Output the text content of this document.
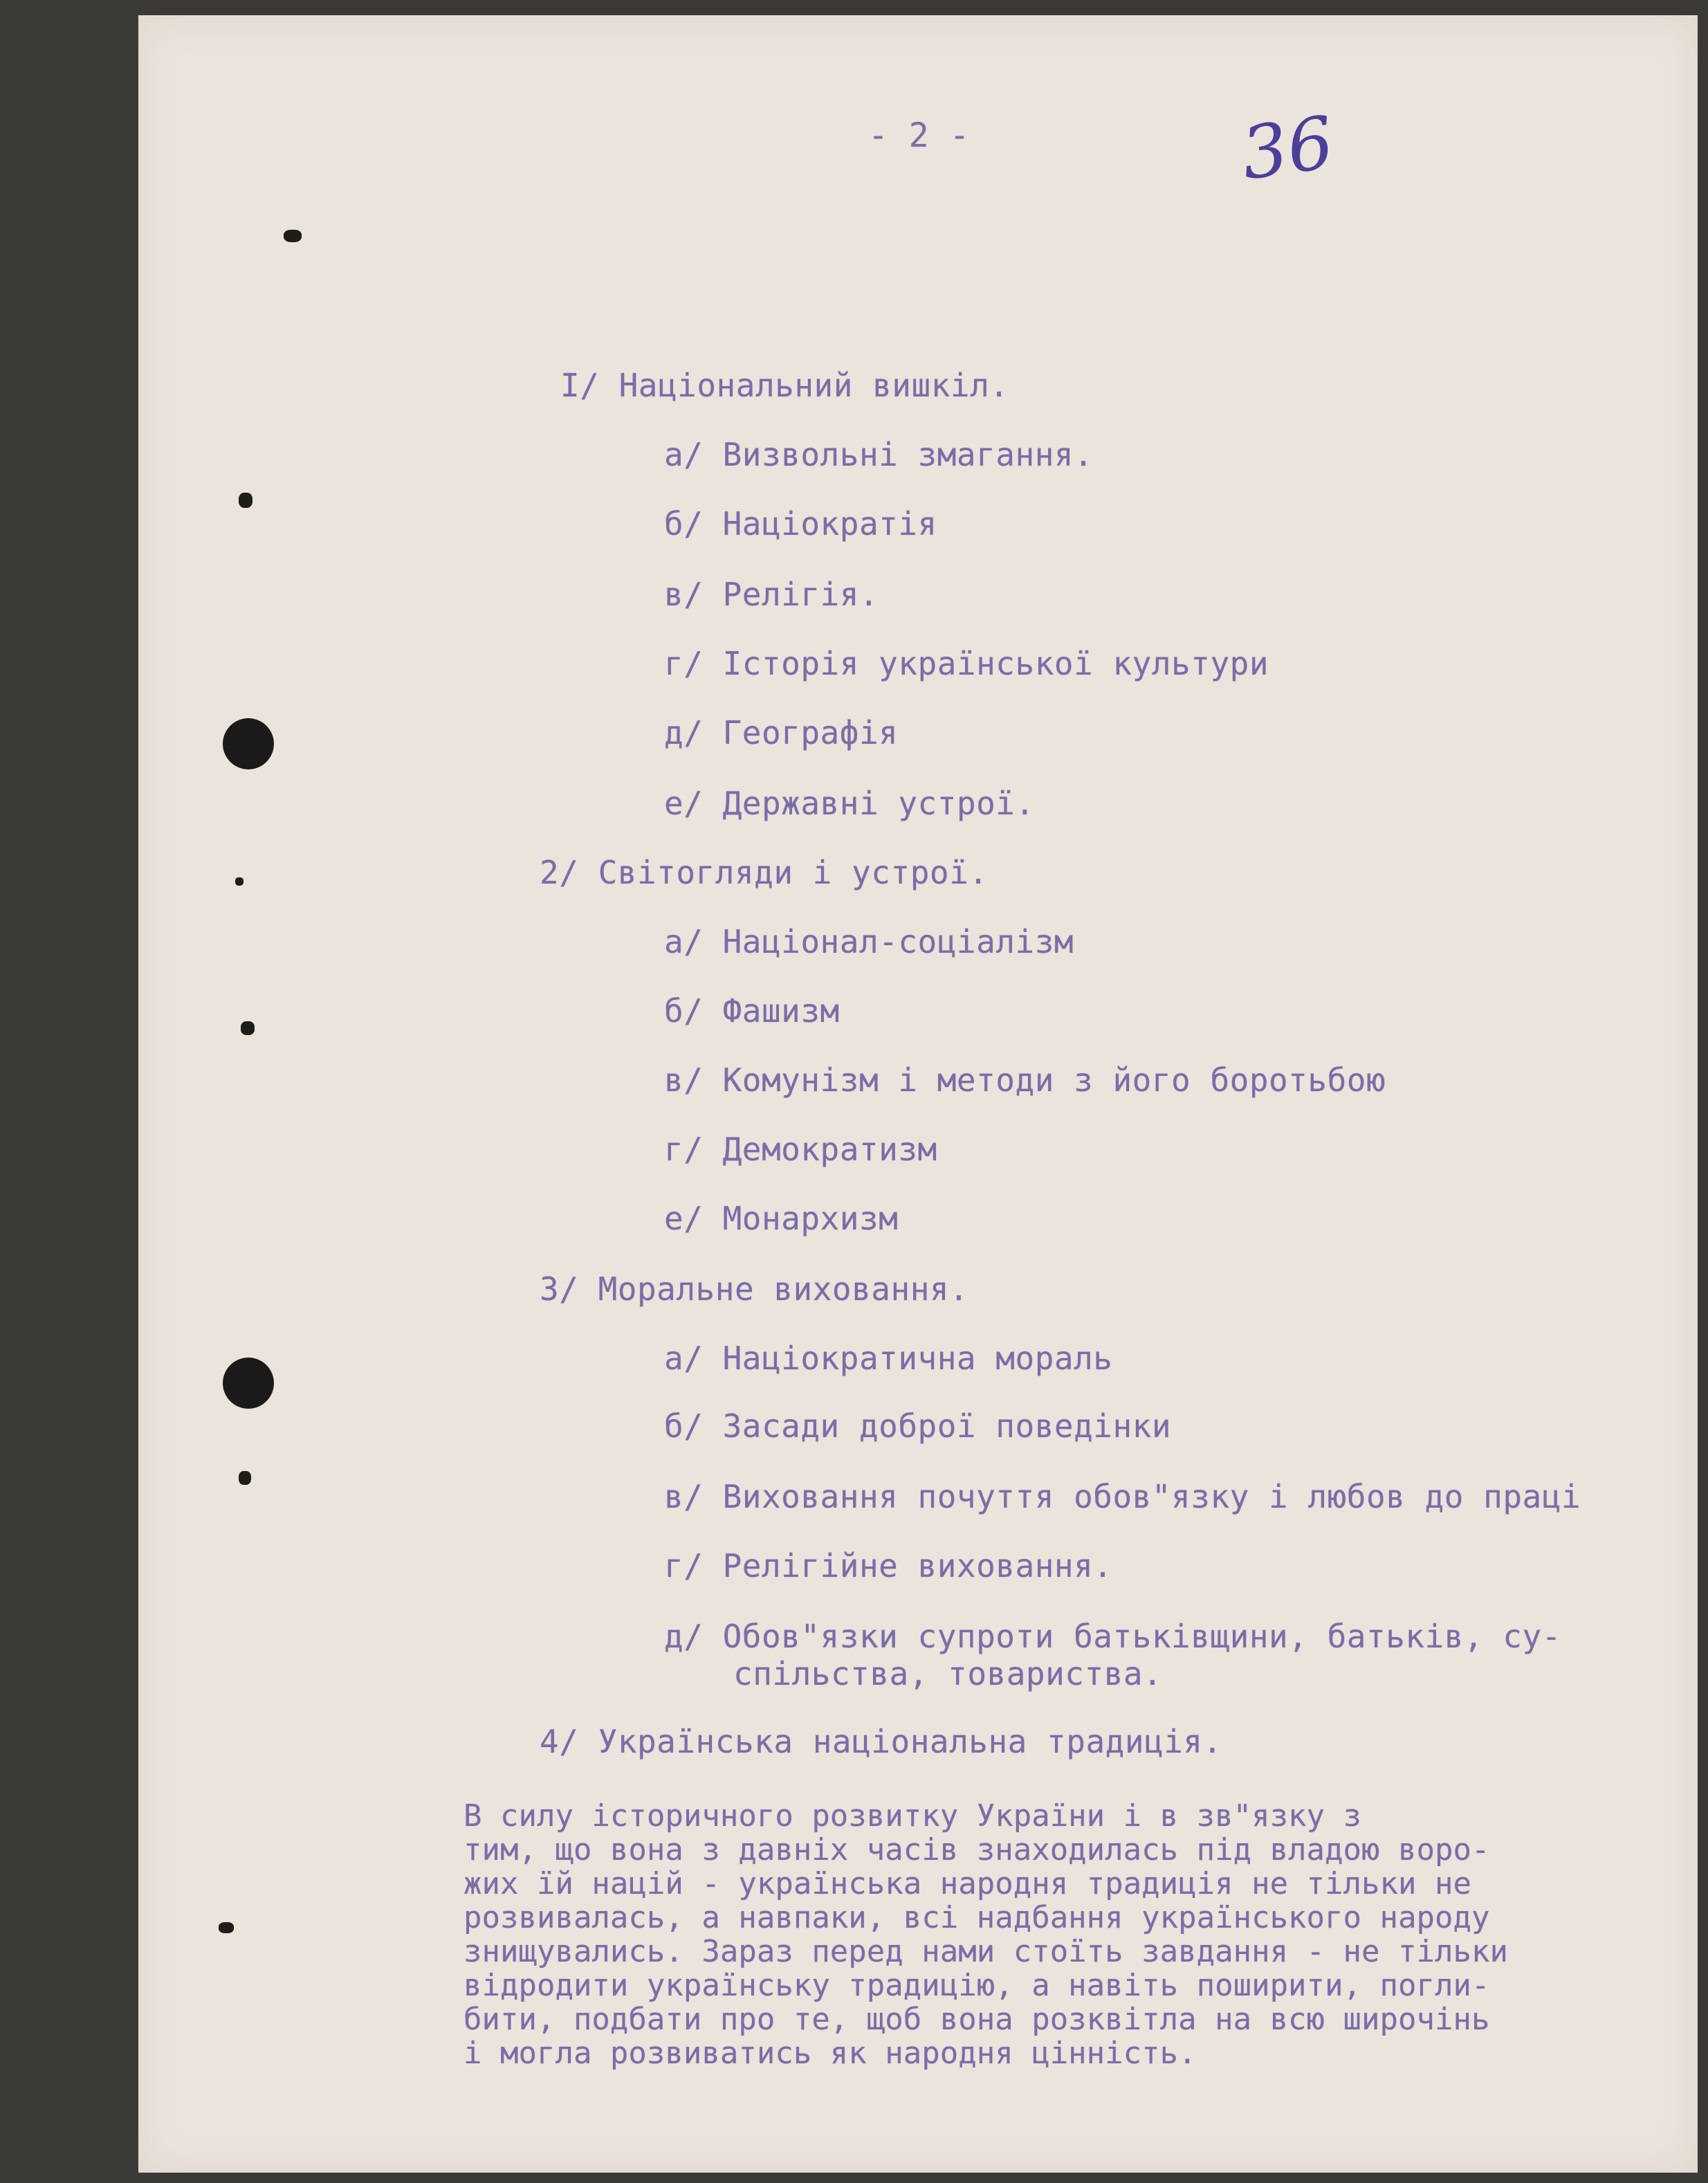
- 2 -	36
I/ Національний вишкіл.
а/ Визвольні змагання.
б/ Націократія
в/ Релігія.
г/ Історія української культури
д/ Географія
е/ Державні устрої.
2/ Світогляди і устрої.
а/ Націонал-соціалізм
б/ Фашизм
в/ Комунізм і методи з його боротьбою
г/ Демократизм
е/ Монархизм
3/ Моральне виховання.
а/ Націократична мораль
б/ Засади доброї поведінки
в/ Виховання почуття обов"язку і любов до праці
г/ Релігійне виховання.
д/ Обов"язки супроти батьківщини, батьків, су-
спільства, товариства.
4/ Українська національна традиція.
В силу історичного розвитку України і в зв"язку з
тим, що вона з давніх часів знаходилась під владою воро-
жих їй націй - українська народня традиція не тільки не
розвивалась, а навпаки, всі надбання українського народу
знищувались. Зараз перед нами стоїть завдання - не тільки
відродити українську традицію, а навіть поширити, погли-
бити, подбати про те, щоб вона розквітла на всю широчінь
і могла розвиватись як народня цінність.
